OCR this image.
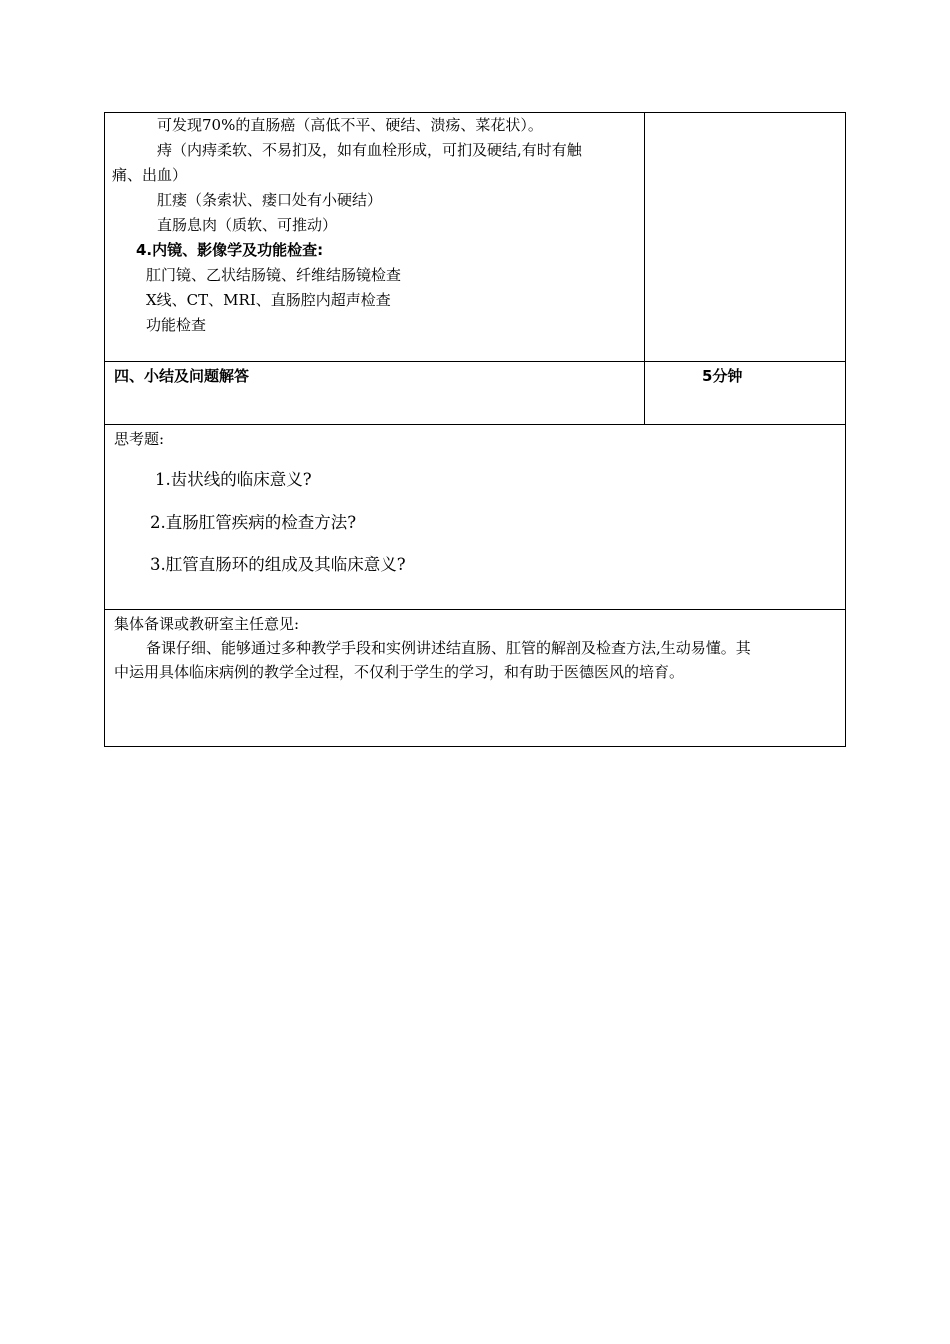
可发现70%的直肠癌（高低不平、硬结、溃疡、菜花状）。
痔（内痔柔软、不易扪及，如有血栓形成，可扪及硬结,有时有触
痛、出血）
肛瘘（条索状、瘘口处有小硬结）
直肠息肉（质软、可推动）
4.内镜、影像学及功能检查:
肛门镜、乙状结肠镜、纤维结肠镜检查
X线、CT、MRI、直肠腔内超声检查
功能检查
四、小结及问题解答	5分钟
思考题:
1.齿状线的临床意义?
2.直肠肛管疾病的检查方法?
3.肛管直肠环的组成及其临床意义?
集体备课或教研室主任意见:
备课仔细、能够通过多种教学手段和实例讲述结直肠、肛管的解剖及检查方法,生动易懂。其
中运用具体临床病例的教学全过程，不仅利于学生的学习，和有助于医德医风的培育。
